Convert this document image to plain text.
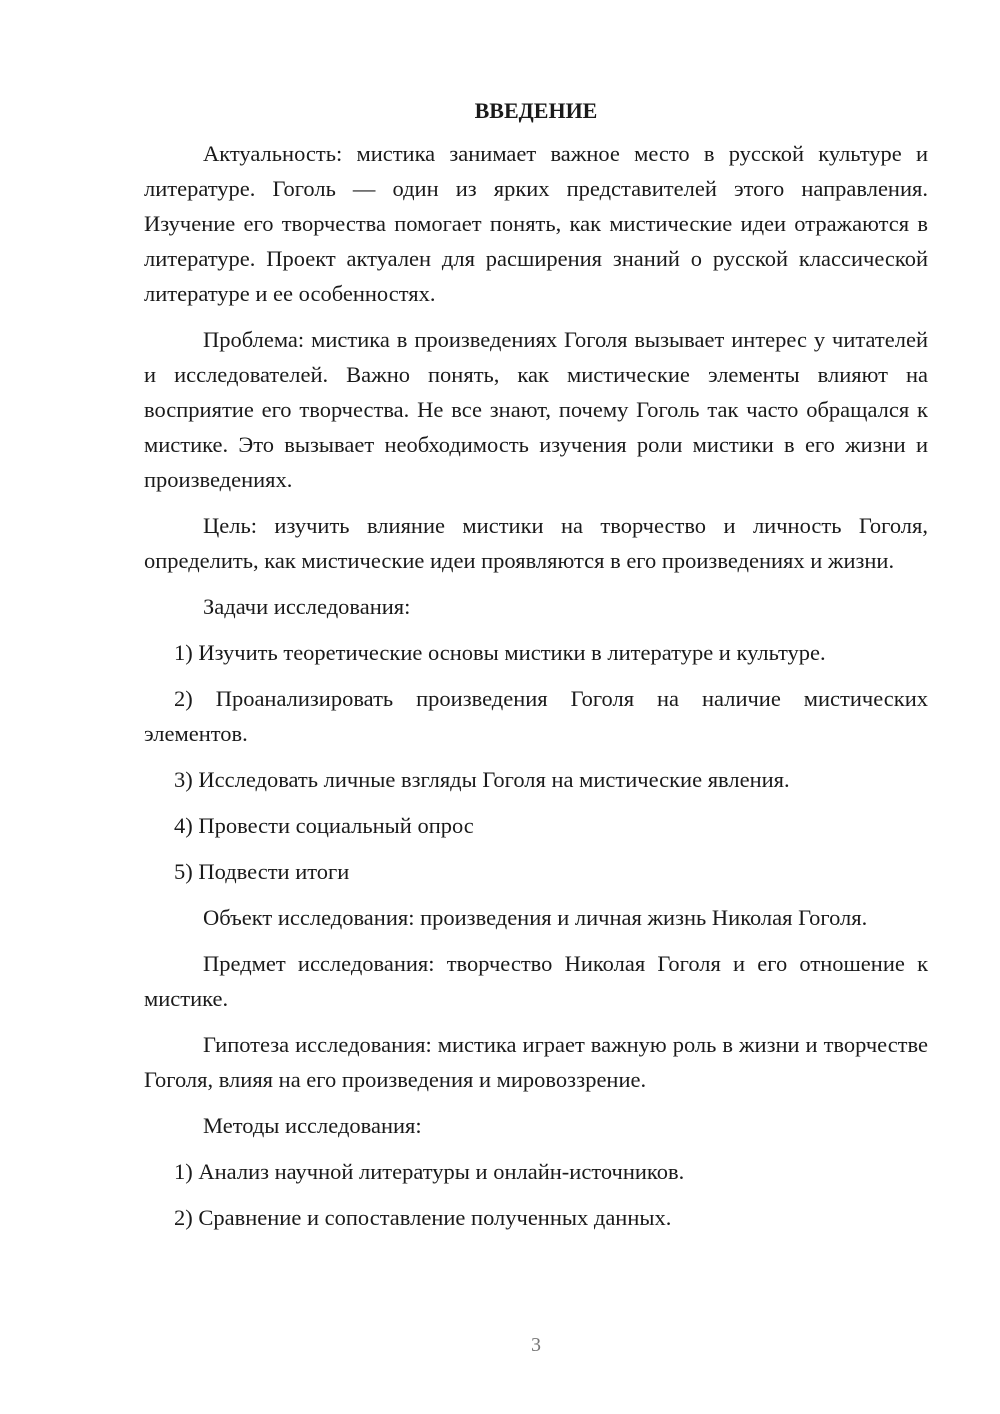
ВВЕДЕНИЕ

Актуальность: мистика занимает важное место в русской культуре и литературе. Гоголь — один из ярких представителей этого направления. Изучение его творчества помогает понять, как мистические идеи отражаются в литературе. Проект актуален для расширения знаний о русской классической литературе и ее особенностях.

Проблема: мистика в произведениях Гоголя вызывает интерес у читателей и исследователей. Важно понять, как мистические элементы влияют на восприятие его творчества. Не все знают, почему Гоголь так часто обращался к мистике. Это вызывает необходимость изучения роли мистики в его жизни и произведениях.

Цель: изучить влияние мистики на творчество и личность Гоголя, определить, как мистические идеи проявляются в его произведениях и жизни.

Задачи исследования:

1) Изучить теоретические основы мистики в литературе и культуре.

2) Проанализировать произведения Гоголя на наличие мистических элементов.

3) Исследовать личные взгляды Гоголя на мистические явления.

4) Провести социальный опрос

5) Подвести итоги

Объект исследования: произведения и личная жизнь Николая Гоголя.

Предмет исследования: творчество Николая Гоголя и его отношение к мистике.

Гипотеза исследования: мистика играет важную роль в жизни и творчестве Гоголя, влияя на его произведения и мировоззрение.

Методы исследования:

1) Анализ научной литературы и онлайн-источников.

2) Сравнение и сопоставление полученных данных.

3
